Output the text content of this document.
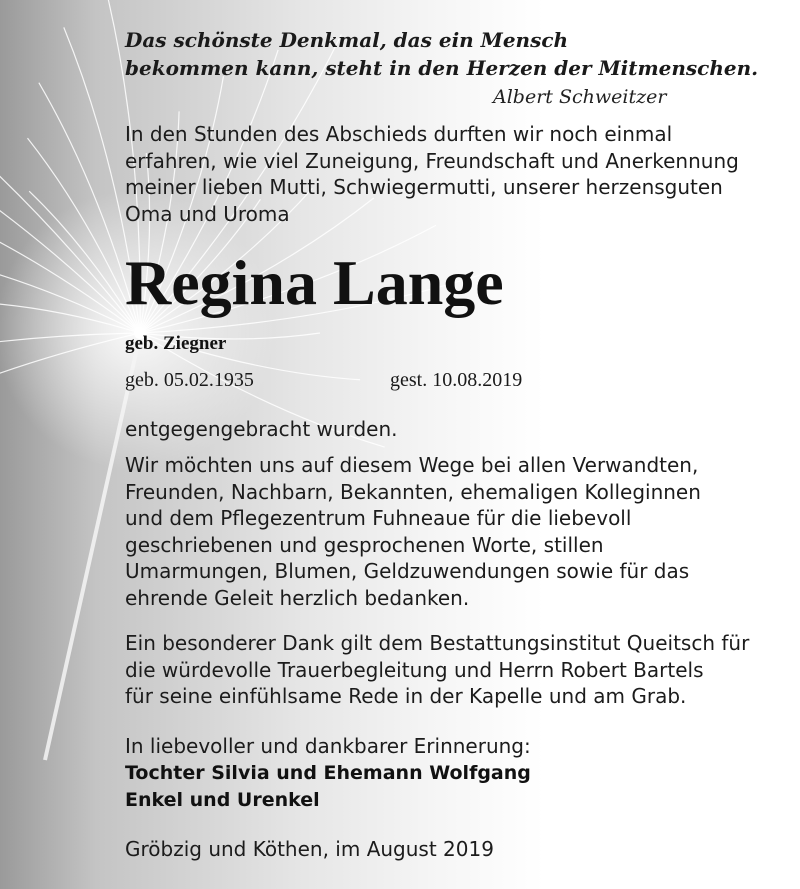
Das schönste Denkmal, das ein Mensch
bekommen kann, steht in den Herzen der Mitmenschen.

Albert Schweitzer

In den Stunden des Abschieds durften wir noch einmal
erfahren, wie viel Zuneigung, Freundschaft und Anerkennung
meiner lieben Mutti, Schwiegermutti, unserer herzensguten
Oma und Uroma

Regina Lange

geb. Ziegner

geb. 05.02.1935	gest. 10.08.2019

entgegengebracht wurden.

Wir möchten uns auf diesem Wege bei allen Verwandten,
Freunden, Nachbarn, Bekannten, ehemaligen Kolleginnen
und dem Pflegezentrum Fuhneaue für die liebevoll
geschriebenen und gesprochenen Worte, stillen
Umarmungen, Blumen, Geldzuwendungen sowie für das
ehrende Geleit herzlich bedanken.

Ein besonderer Dank gilt dem Bestattungsinstitut Queitsch für
die würdevolle Trauerbegleitung und Herrn Robert Bartels
für seine einfühlsame Rede in der Kapelle und am Grab.

In liebevoller und dankbarer Erinnerung:

Tochter Silvia und Ehemann Wolfgang
Enkel und Urenkel

Gröbzig und Köthen, im August 2019
